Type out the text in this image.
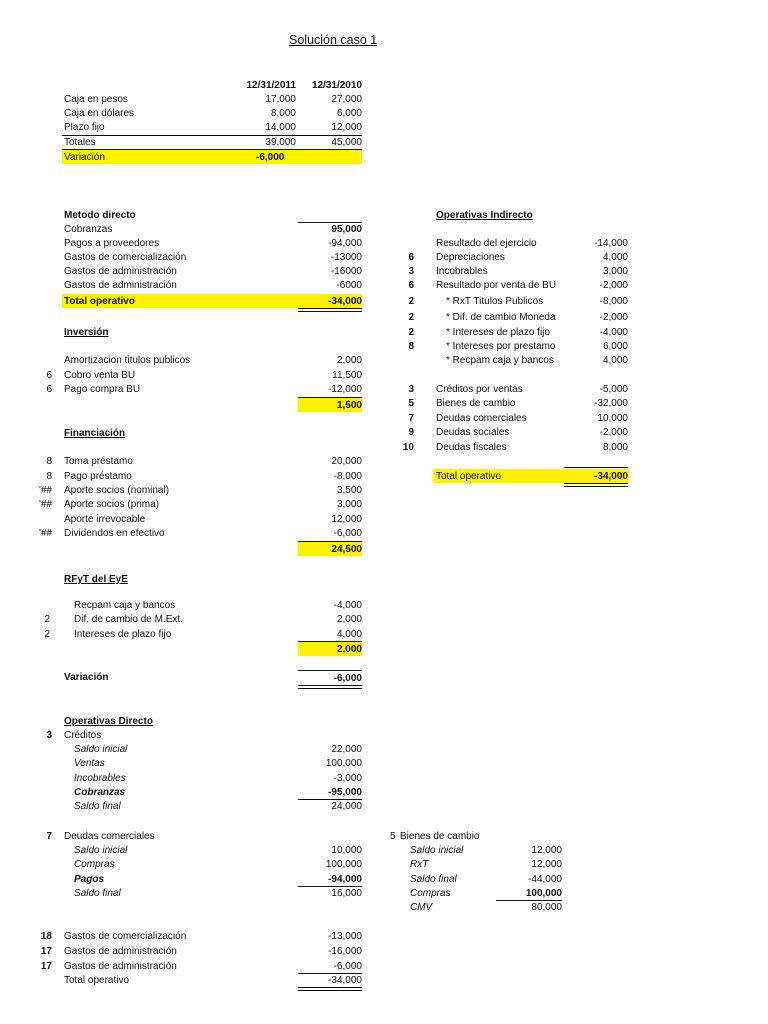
Solución caso 1
12/31/2011	12/31/2010
Caja en pesos	17,000	27,000
Caja en dólares	8,000	6,000
Plazo fijo	14,000	12,000
Totales	39,000	45,000
Variación	-6,000
Metodo directo
Cobranzas	95,000
Pagos a proveedores	-94,000
Gastos de comercialización	-13000
Gastos de administración	-16000
Gastos de administración	-6000
Total operativo	-34,000
Inversión
Amortizacion titulos publicos	2,000
6 Cobro venta BU	11,500
6 Pago compra BU	-12,000
1,500
Financiación
8 Toma préstamo	20,000
8 Pago préstamo	-8,000
'## Aporte socios (nominal)	3,500
'## Aporte socios (prima)	3,000
Aporte irrevocable	12,000
'## Dividendos en efectivo	-6,000
24,500
RFyT del EyE
Recpam caja y bancos	-4,000
2 Dif. de cambio de M.Ext.	2,000
2 Intereses de plazo fijo	4,000
2,000
Variación	-6,000
Operativas Indirecto
Resultado del ejercicio	-14,000
6 Depreciaciones	4,000
3 Incobrables	3,000
6 Resultado por venta de BU	-2,000
2	* RxT Titulos Publicos	-8,000
2	* Dif. de cambio Moneda	-2,000
2	* Intereses de plazo fijo	-4,000
8	* Intereses por prestamo	6,000
* Recpam caja y bancos	4,000
3 Créditos por ventas	-5,000
5 Bienes de cambio	-32,000
7 Deudas comerciales	10,000
9 Deudas sociales	-2,000
10 Deudas fiscales	8,000
Total operativo	-34,000
Operativas Directo
3 Créditos
Saldo inicial	22,000
Ventas	100,000
Incobrables	-3,000
Cobranzas	-95,000
Saldo final	24,000
7 Deudas comerciales
Saldo inicial	10,000
Compras	100,000
Pagos	-94,000
Saldo final	16,000
5 Bienes de cambio
Saldo inicial	12,000
RxT	12,000
Saldo final	-44,000
Compras	100,000
CMV	80,000
18 Gastos de comercialización	-13,000
17 Gastos de administración	-16,000
17 Gastos de administración	-6,000
Total operativo	-34,000
